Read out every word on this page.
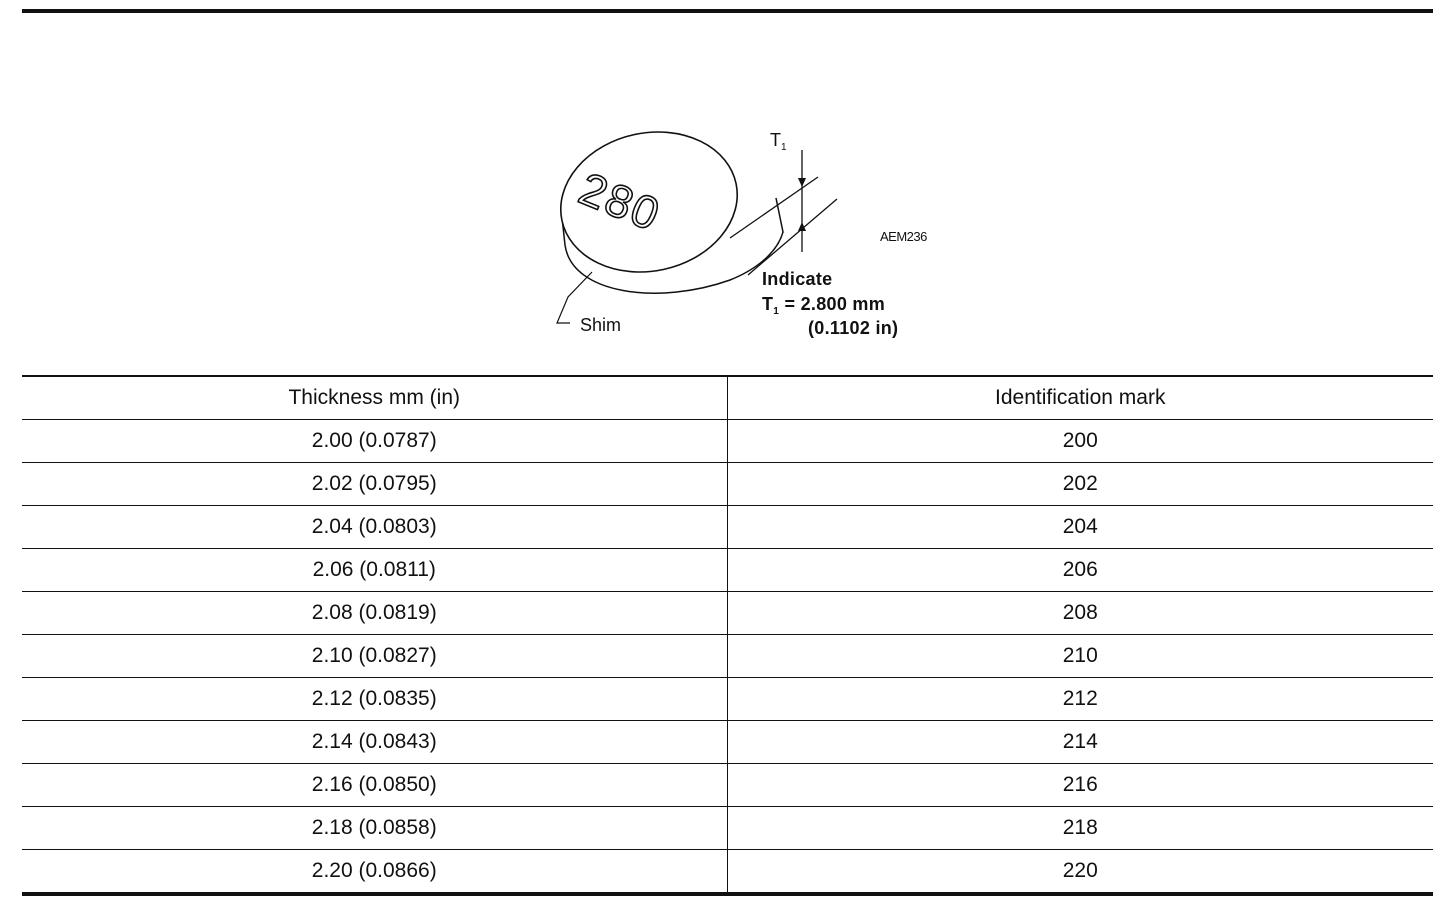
280
$T_1$
AEM236
Indicate
$T_1 = 2.800$ mm
(0.1102 in)
Shim
Thickness mm (in)	Identification mark
2.00 (0.0787)	200
2.02 (0.0795)	202
2.04 (0.0803)	204
2.06 (0.0811)	206
2.08 (0.0819)	208
2.10 (0.0827)	210
2.12 (0.0835)	212
2.14 (0.0843)	214
2.16 (0.0850)	216
2.18 (0.0858)	218
2.20 (0.0866)	220
